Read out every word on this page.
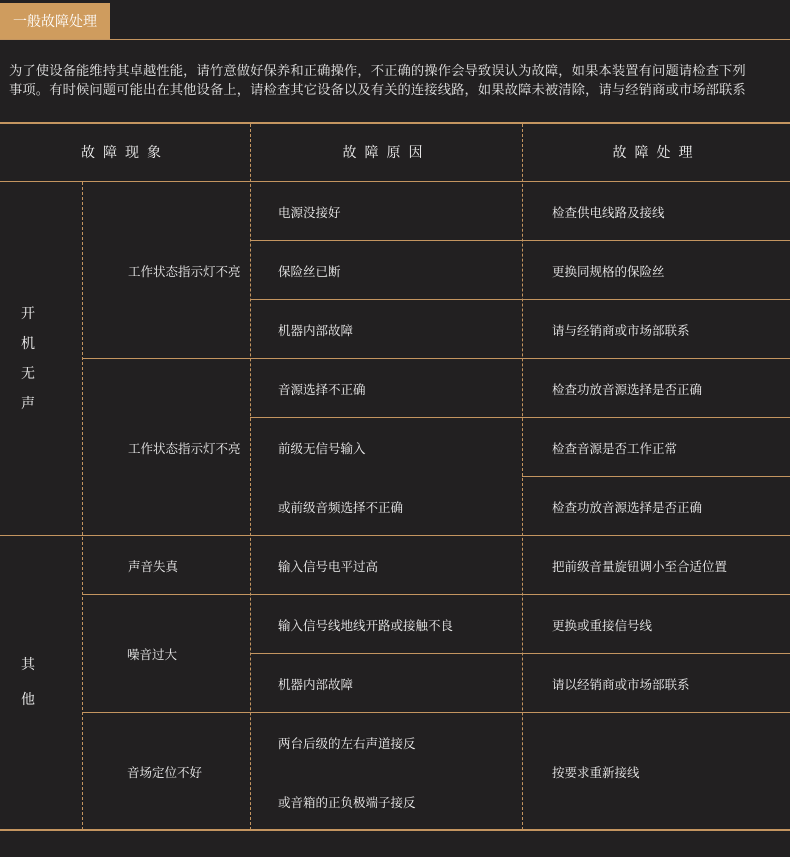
一般故障处理
为了使设备能维持其卓越性能，请竹意做好保养和正确操作，不正确的操作会导致误认为故障，如果本装置有问题请检查下列
事项。有时候问题可能出在其他设备上，请检查其它设备以及有关的连接线路，如果故障未被清除，请与经销商或市场部联系
故障现象	故障原因	故障处理
开
机
无
声
其
他
工作状态指示灯不亮
工作状态指示灯不亮
声音失真
噪音过大
音场定位不好
电源没接好
保险丝已断
机器内部故障
音源选择不正确
前级无信号输入
或前级音频选择不正确
输入信号电平过高
输入信号线地线开路或接触不良
机器内部故障
两台后级的左右声道接反
或音箱的正负极端子接反
检查供电线路及接线
更换同规格的保险丝
请与经销商或市场部联系
检查功放音源选择是否正确
检查音源是否工作正常
检查功放音源选择是否正确
把前级音量旋钮调小至合适位置
更换或重接信号线
请以经销商或市场部联系
按要求重新接线
